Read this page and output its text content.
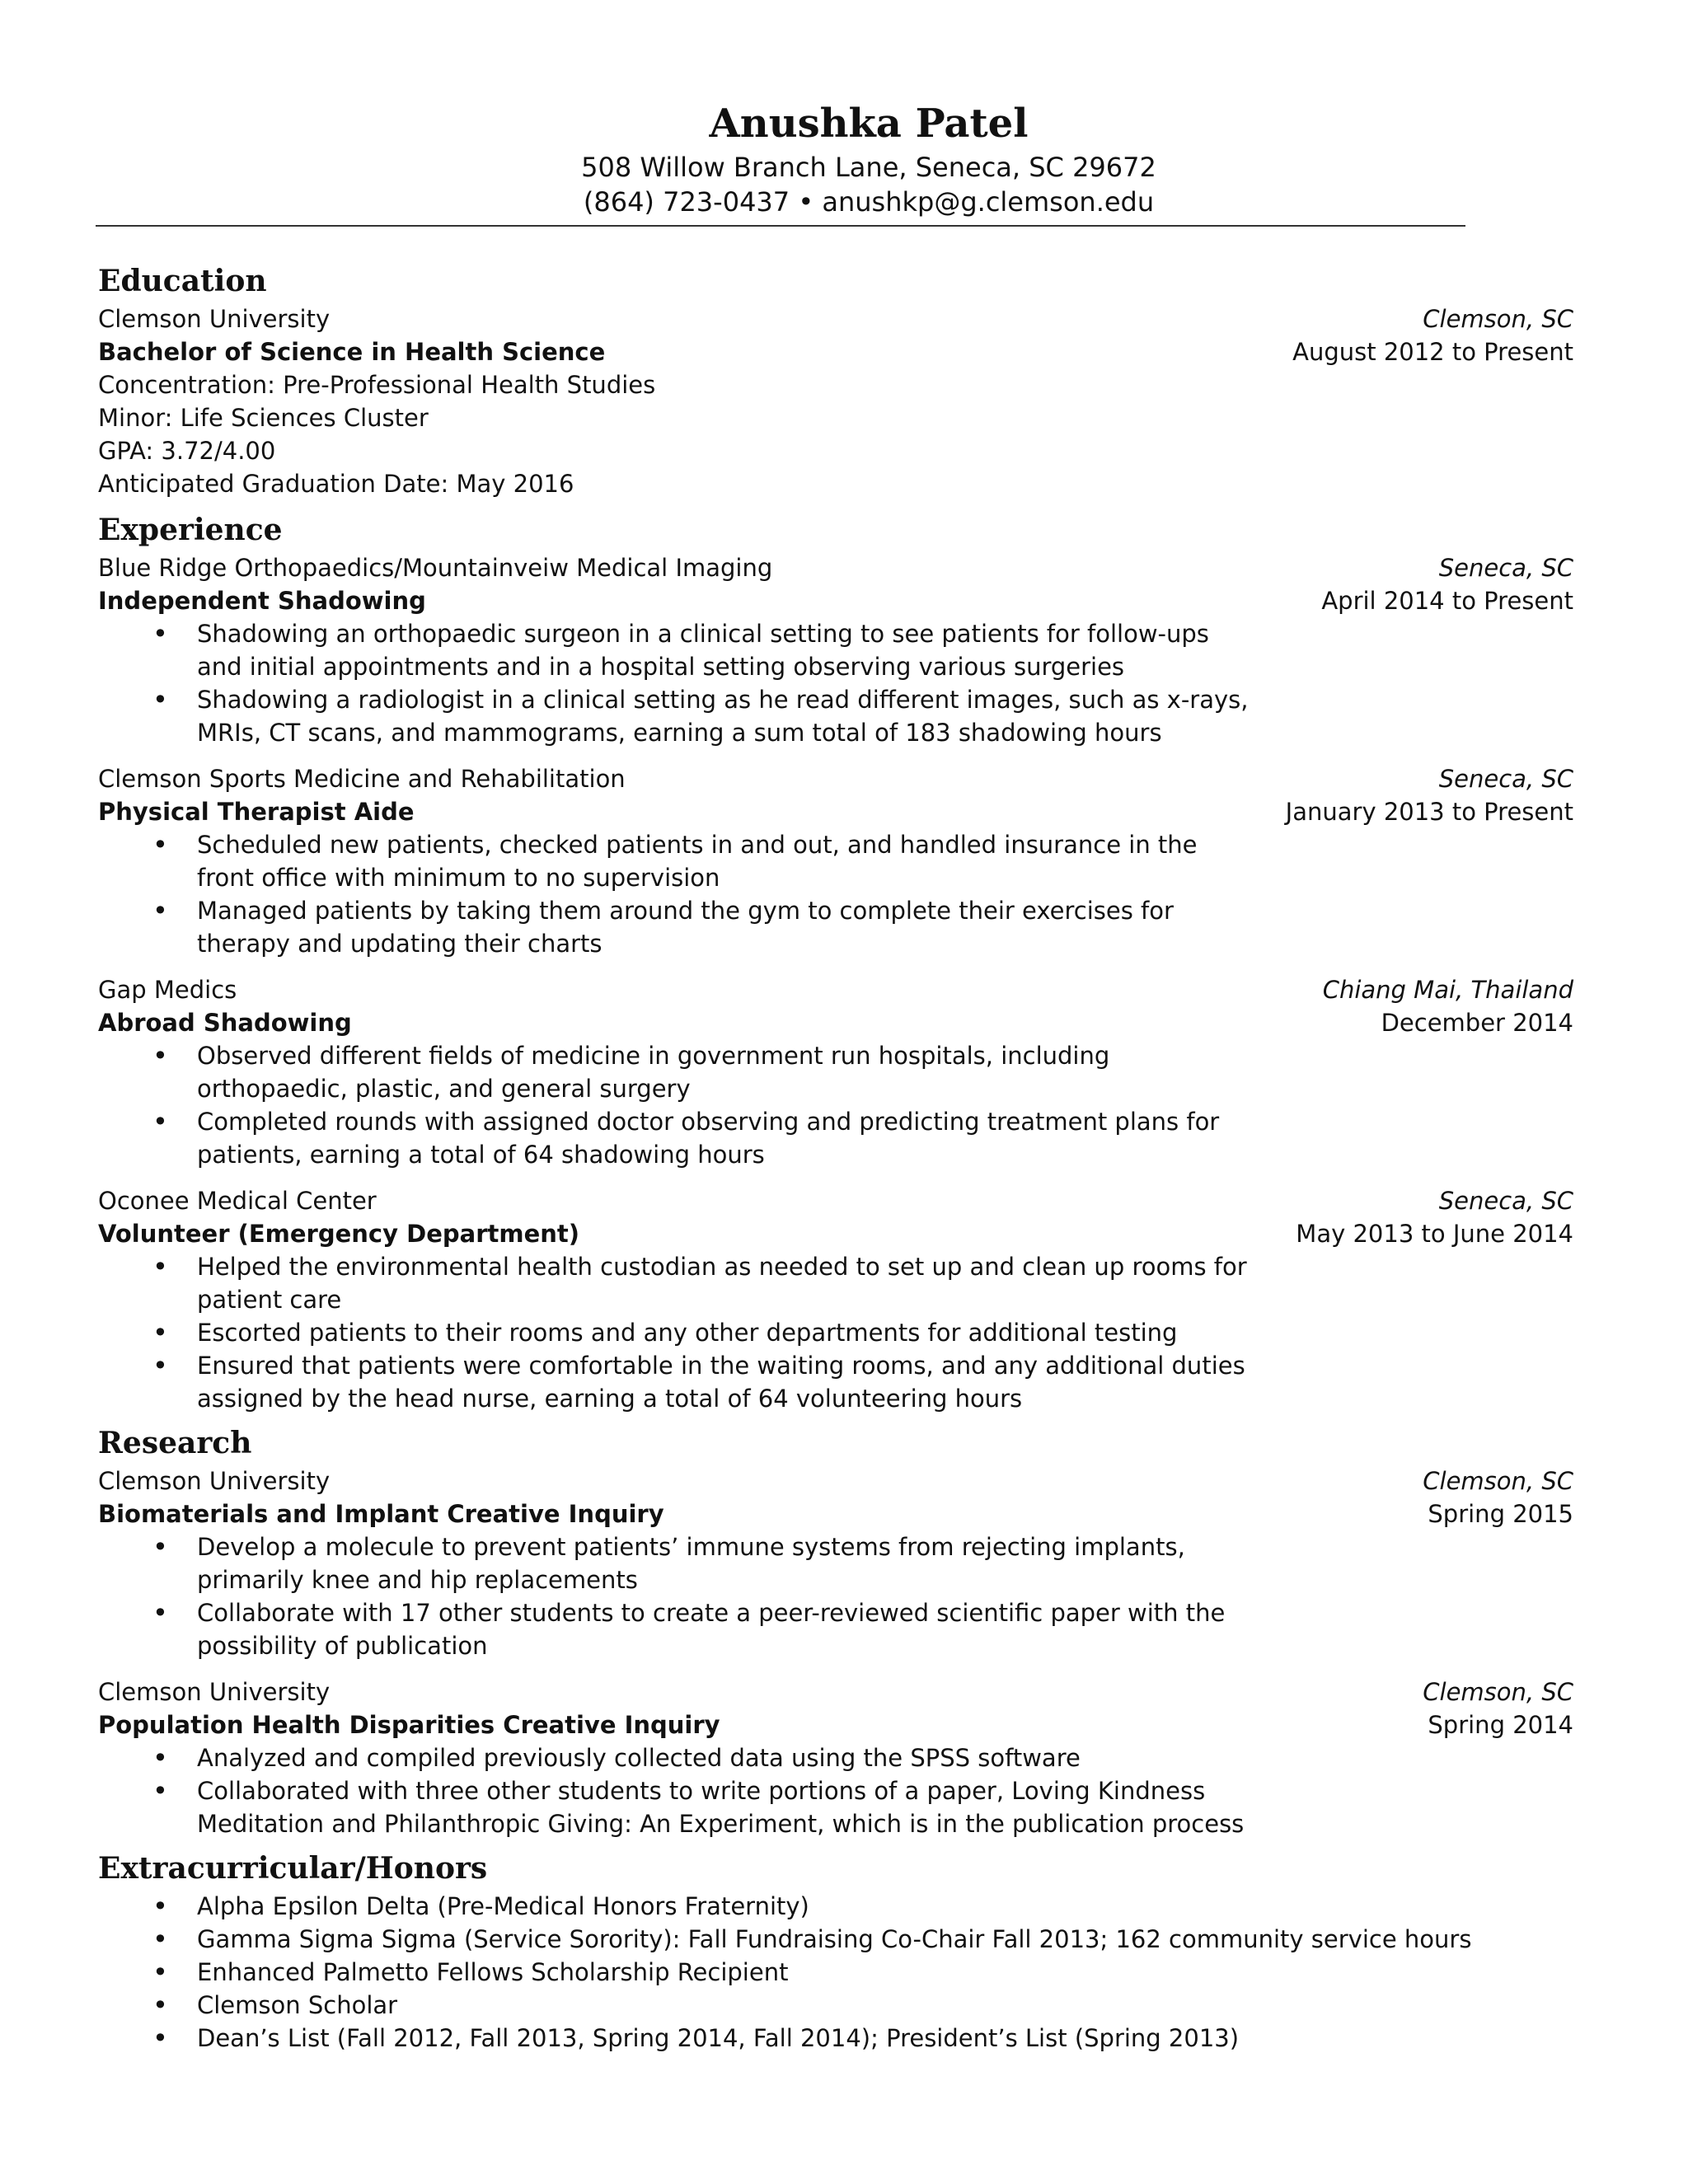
Anushka Patel
508 Willow Branch Lane, Seneca, SC 29672
(864) 723-0437 • anushkp@g.clemson.edu
Education
Clemson University	Clemson, SC
Bachelor of Science in Health Science	August 2012 to Present
Concentration: Pre-Professional Health Studies
Minor: Life Sciences Cluster
GPA: 3.72/4.00
Anticipated Graduation Date: May 2016
Experience
Blue Ridge Orthopaedics/Mountainveiw Medical Imaging	Seneca, SC
Independent Shadowing	April 2014 to Present
• Shadowing an orthopaedic surgeon in a clinical setting to see patients for follow-ups and initial appointments and in a hospital setting observing various surgeries
• Shadowing a radiologist in a clinical setting as he read different images, such as x-rays, MRIs, CT scans, and mammograms, earning a sum total of 183 shadowing hours
Clemson Sports Medicine and Rehabilitation	Seneca, SC
Physical Therapist Aide	January 2013 to Present
• Scheduled new patients, checked patients in and out, and handled insurance in the front office with minimum to no supervision
• Managed patients by taking them around the gym to complete their exercises for therapy and updating their charts
Gap Medics	Chiang Mai, Thailand
Abroad Shadowing	December 2014
• Observed different fields of medicine in government run hospitals, including orthopaedic, plastic, and general surgery
• Completed rounds with assigned doctor observing and predicting treatment plans for patients, earning a total of 64 shadowing hours
Oconee Medical Center	Seneca, SC
Volunteer (Emergency Department)	May 2013 to June 2014
• Helped the environmental health custodian as needed to set up and clean up rooms for patient care
• Escorted patients to their rooms and any other departments for additional testing
• Ensured that patients were comfortable in the waiting rooms, and any additional duties assigned by the head nurse, earning a total of 64 volunteering hours
Research
Clemson University	Clemson, SC
Biomaterials and Implant Creative Inquiry	Spring 2015
• Develop a molecule to prevent patients’ immune systems from rejecting implants, primarily knee and hip replacements
• Collaborate with 17 other students to create a peer-reviewed scientific paper with the possibility of publication
Clemson University	Clemson, SC
Population Health Disparities Creative Inquiry	Spring 2014
• Analyzed and compiled previously collected data using the SPSS software
• Collaborated with three other students to write portions of a paper, Loving Kindness Meditation and Philanthropic Giving: An Experiment, which is in the publication process
Extracurricular/Honors
• Alpha Epsilon Delta (Pre-Medical Honors Fraternity)
• Gamma Sigma Sigma (Service Sorority): Fall Fundraising Co-Chair Fall 2013; 162 community service hours
• Enhanced Palmetto Fellows Scholarship Recipient
• Clemson Scholar
• Dean’s List (Fall 2012, Fall 2013, Spring 2014, Fall 2014); President’s List (Spring 2013)
